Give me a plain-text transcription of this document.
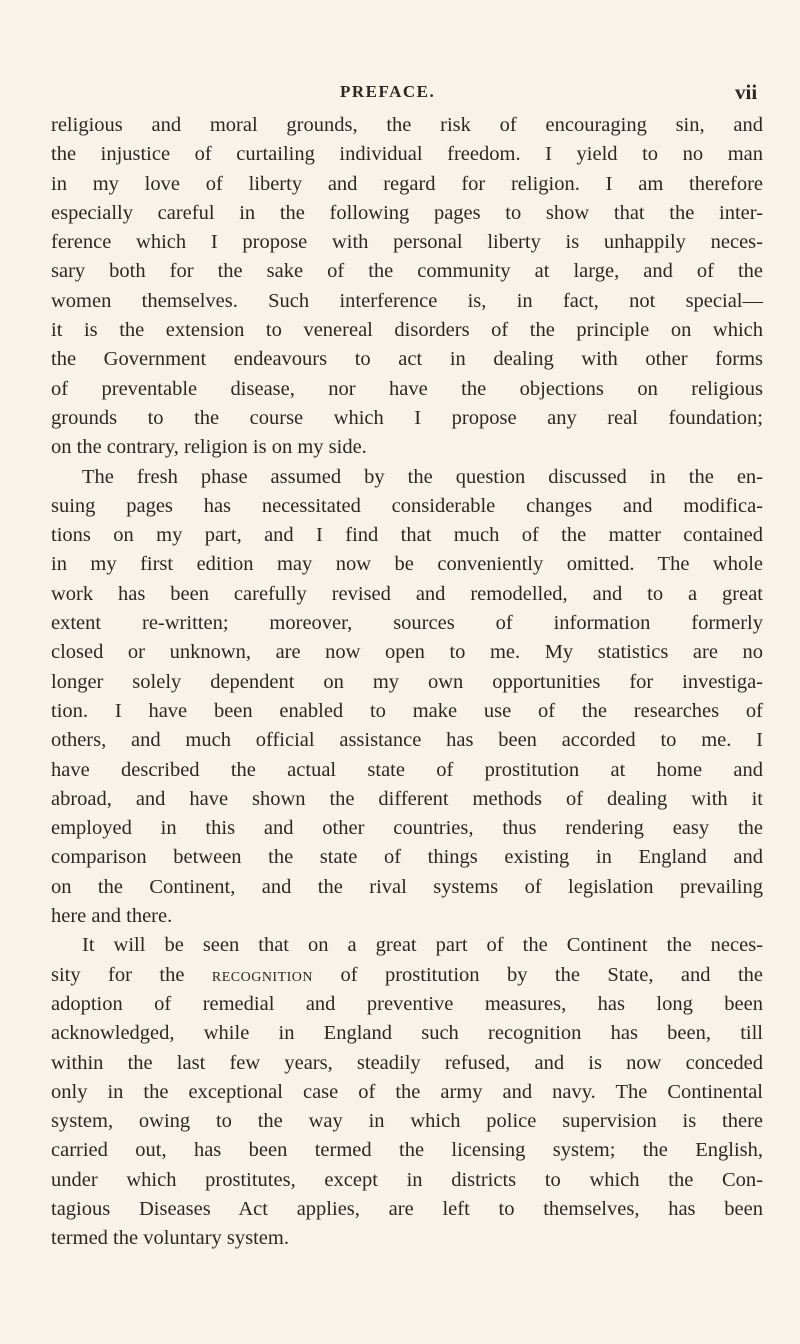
PREFACE.	vii
religious and moral grounds, the risk of encouraging sin, and
the injustice of curtailing individual freedom. I yield to no man
in my love of liberty and regard for religion. I am therefore
especially careful in the following pages to show that the inter-
ference which I propose with personal liberty is unhappily neces-
sary both for the sake of the community at large, and of the
women themselves. Such interference is, in fact, not special—
it is the extension to venereal disorders of the principle on which
the Government endeavours to act in dealing with other forms
of preventable disease, nor have the objections on religious
grounds to the course which I propose any real foundation;
on the contrary, religion is on my side.
The fresh phase assumed by the question discussed in the en-
suing pages has necessitated considerable changes and modifica-
tions on my part, and I find that much of the matter contained
in my first edition may now be conveniently omitted. The whole
work has been carefully revised and remodelled, and to a great
extent re-written; moreover, sources of information formerly
closed or unknown, are now open to me. My statistics are no
longer solely dependent on my own opportunities for investiga-
tion. I have been enabled to make use of the researches of
others, and much official assistance has been accorded to me. I
have described the actual state of prostitution at home and
abroad, and have shown the different methods of dealing with it
employed in this and other countries, thus rendering easy the
comparison between the state of things existing in England and
on the Continent, and the rival systems of legislation prevailing
here and there.
It will be seen that on a great part of the Continent the neces-
sity for the recognition of prostitution by the State, and the
adoption of remedial and preventive measures, has long been
acknowledged, while in England such recognition has been, till
within the last few years, steadily refused, and is now conceded
only in the exceptional case of the army and navy. The Continental
system, owing to the way in which police supervision is there
carried out, has been termed the licensing system; the English,
under which prostitutes, except in districts to which the Con-
tagious Diseases Act applies, are left to themselves, has been
termed the voluntary system.
